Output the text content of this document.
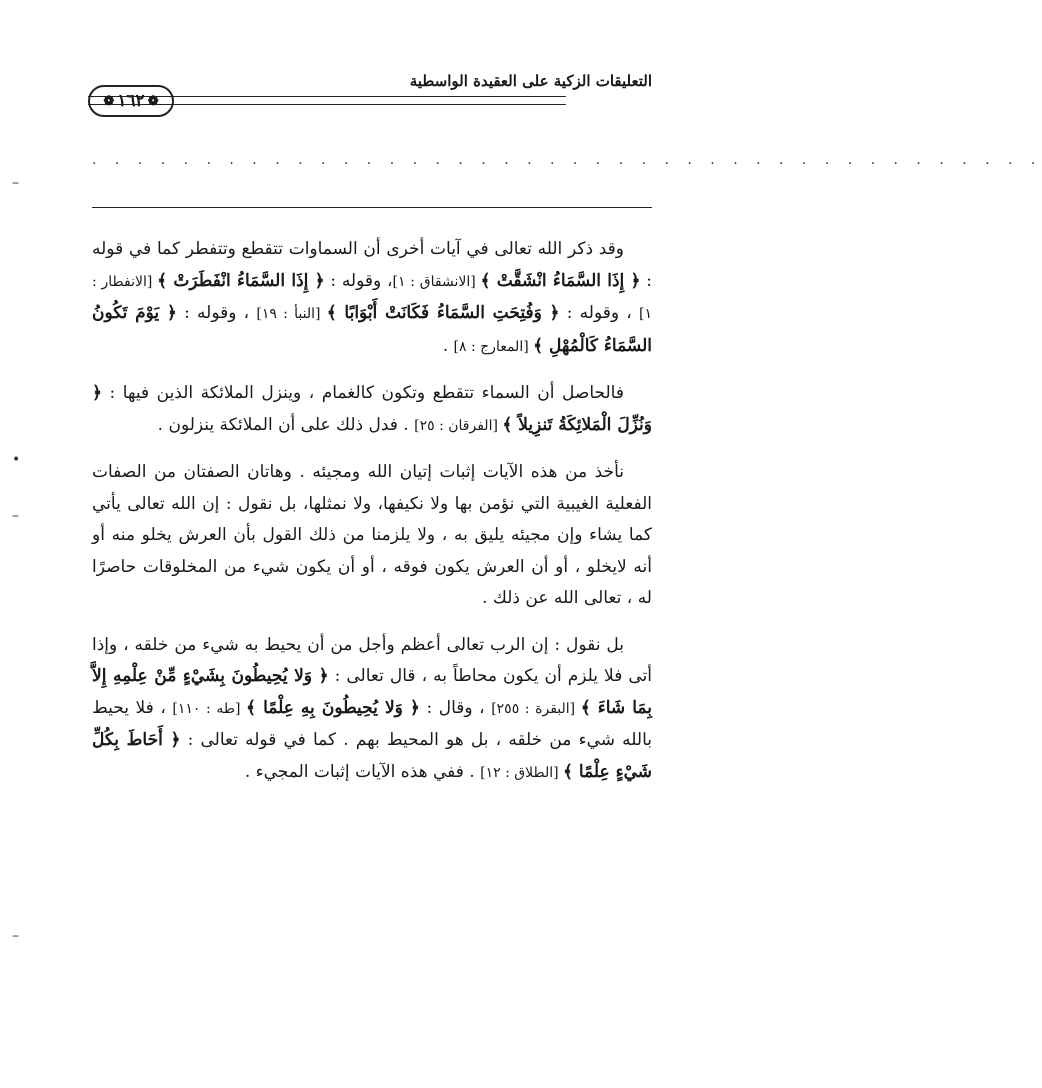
التعليقات الزكية على العقيدة الواسطية
❁
١٦٢
❁
. . . . . . . . . . . . . . . . . . . . . . . . . . . . . . . . . . . . . . . . . .
–
•
–
–

وقد ذكر الله تعالى في آيات أخرى أن السماوات تتقطع وتتفطر كما في قوله : ﴿ إِذَا السَّمَاءُ انْشَقَّتْ ﴾ [الانشقاق : ١]، وقوله : ﴿ إِذَا السَّمَاءُ انْفَطَرَتْ ﴾ [الانفطار : ١] ، وقوله : ﴿ وَفُتِحَتِ السَّمَاءُ فَكَانَتْ أَبْوَابًا ﴾ [النبأ : ١٩] ، وقوله : ﴿ يَوْمَ تَكُونُ السَّمَاءُ كَالْمُهْلِ ﴾ [المعارج : ٨] .

فالحاصل أن السماء تتقطع وتكون كالغمام ، وينزل الملائكة الذين فيها : ﴿ وَنُزِّلَ الْمَلائِكَةُ تَنزِيلاً ﴾ [الفرقان : ٢٥] . فدل ذلك على أن الملائكة ينزلون .

نأخذ من هذه الآيات إثبات إتيان الله ومجيئه . وهاتان الصفتان من الصفات الفعلية الغيبية التي نؤمن بها ولا نكيفها، ولا نمثلها، بل نقول : إن الله تعالى يأتي كما يشاء وإن مجيئه يليق به ، ولا يلزمنا من ذلك القول بأن العرش يخلو منه أو أنه لايخلو ، أو أن العرش يكون فوقه ، أو أن يكون شيء من المخلوقات حاصرًا له ، تعالى الله عن ذلك .

بل نقول : إن الرب تعالى أعظم وأجل من أن يحيط به شيء من خلقه ، وإذا أتى فلا يلزم أن يكون محاطاً به ، قال تعالى : ﴿ وَلا يُحِيطُونَ بِشَيْءٍ مِّنْ عِلْمِهِ إِلاَّ بِمَا شَاءَ ﴾ [البقرة : ٢٥٥] ، وقال : ﴿ وَلا يُحِيطُونَ بِهِ عِلْمًا ﴾ [طه : ١١٠] ، فلا يحيط بالله شيء من خلقه ، بل هو المحيط بهم . كما في قوله تعالى : ﴿ أَحَاطَ بِكُلِّ شَيْءٍ عِلْمًا ﴾ [الطلاق : ١٢] . ففي هذه الآيات إثبات المجيء .
